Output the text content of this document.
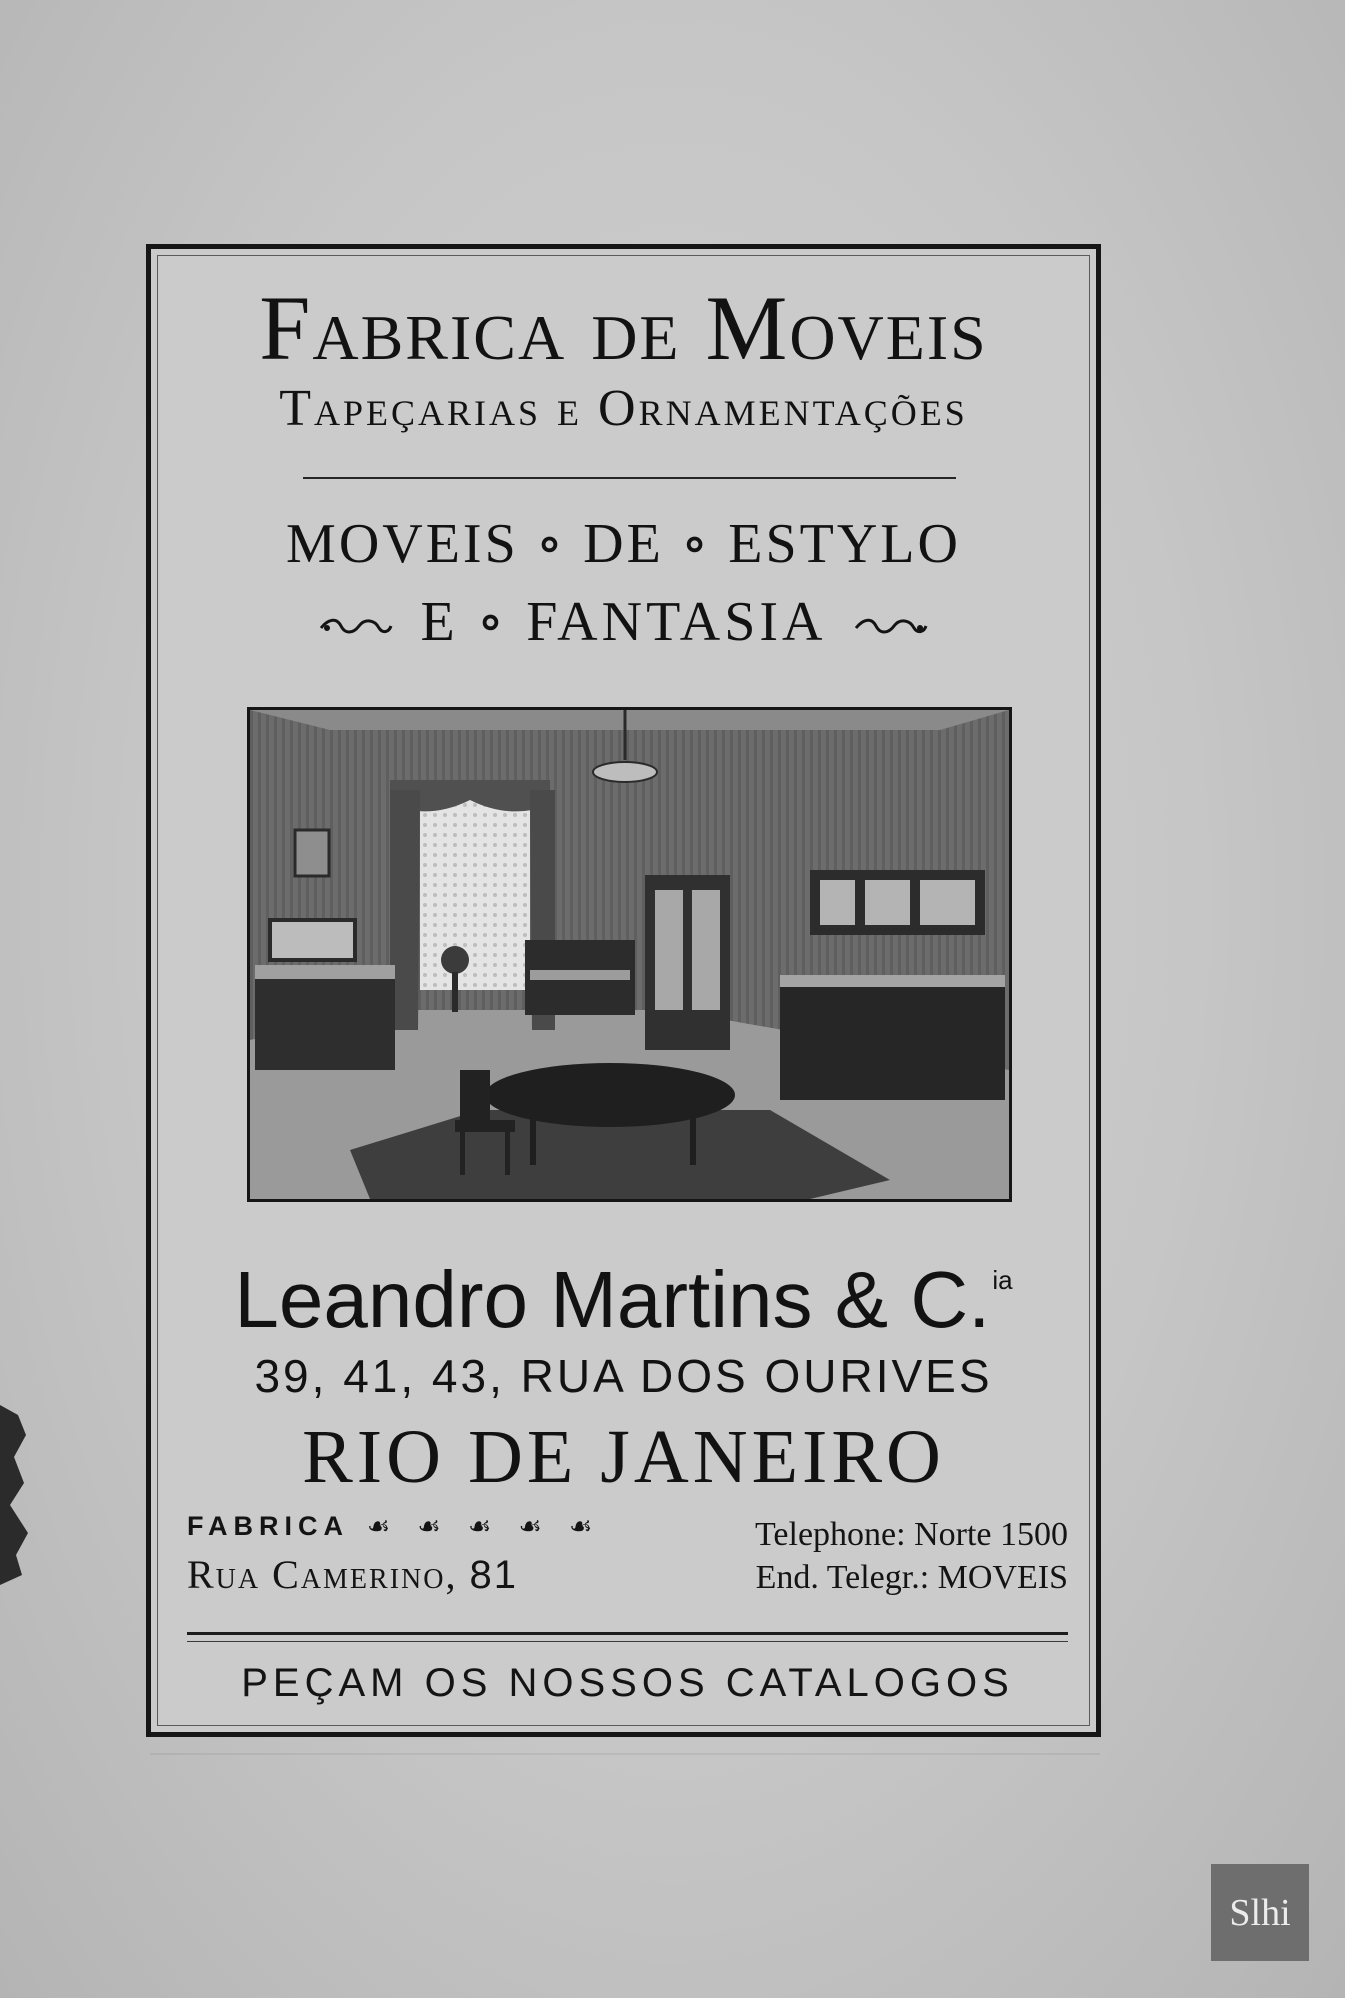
Fabrica de Moveis
Tapeçarias e Ornamentações
MOVEIS ∘ DE ∘ ESTYLO
E ∘ FANTASIA
Leandro Martins & C.$^{ia}$
39, 41, 43, RUA DOS OURIVES
RIO DE JANEIRO
FABRICA ☙ ☙ ☙ ☙ ☙
Rua Camerino, 81
Telephone: Norte 1500
End. Telegr.: MOVEIS
PEÇAM OS NOSSOS CATALOGOS
Slhi
